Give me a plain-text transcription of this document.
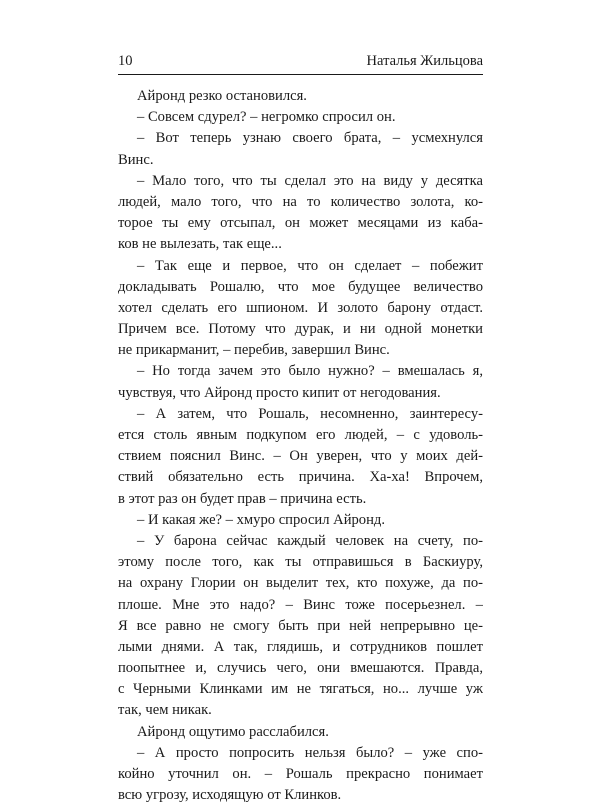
10	Наталья Жильцова
Айронд резко остановился.
– Совсем сдурел? – негромко спросил он.
– Вот теперь узнаю своего брата, – усмехнулся
Винс.
– Мало того, что ты сделал это на виду у десятка
людей, мало того, что на то количество золота, ко-
торое ты ему отсыпал, он может месяцами из кaба-
ков не вылезать, так еще...
– Так еще и первое, что он сделает – побежит
докладывать Рошалю, что мое будущее величество
хотел сделать его шпионом. И золото барону отдаст.
Причем все. Потому что дурак, и ни одной монетки
не прикарманит, – перебив, завершил Винс.
– Но тогда зачем это было нужно? – вмешалась я,
чувствуя, что Айронд просто кипит от негодования.
– А затем, что Рошаль, несомненно, заинтересу-
ется столь явным подкупом его людей, – с удоволь-
ствием пояснил Винс. – Он уверен, что у моих дей-
ствий обязательно есть причина. Ха-ха! Впрочем,
в этот раз он будет прав – причина есть.
– И какая же? – хмуро спросил Айронд.
– У барона сейчас каждый человек на счету, по-
этому после того, как ты отправишься в Баскиуру,
на охрану Глории он выделит тех, кто похуже, да по-
плоше. Мне это надо? – Винс тоже посерьезнел. –
Я все равно не смогу быть при ней непрерывно це-
лыми днями. А так, глядишь, и сотрудников пошлет
поопытнее и, случись чего, они вмешаются. Правда,
с Черными Клинками им не тягаться, но... лучше уж
так, чем никак.
Айронд ощутимо расслабился.
– А просто попросить нельзя было? – уже спо-
койно уточнил он. – Рошаль прекрасно понимает
всю угрозу, исходящую от Клинков.
